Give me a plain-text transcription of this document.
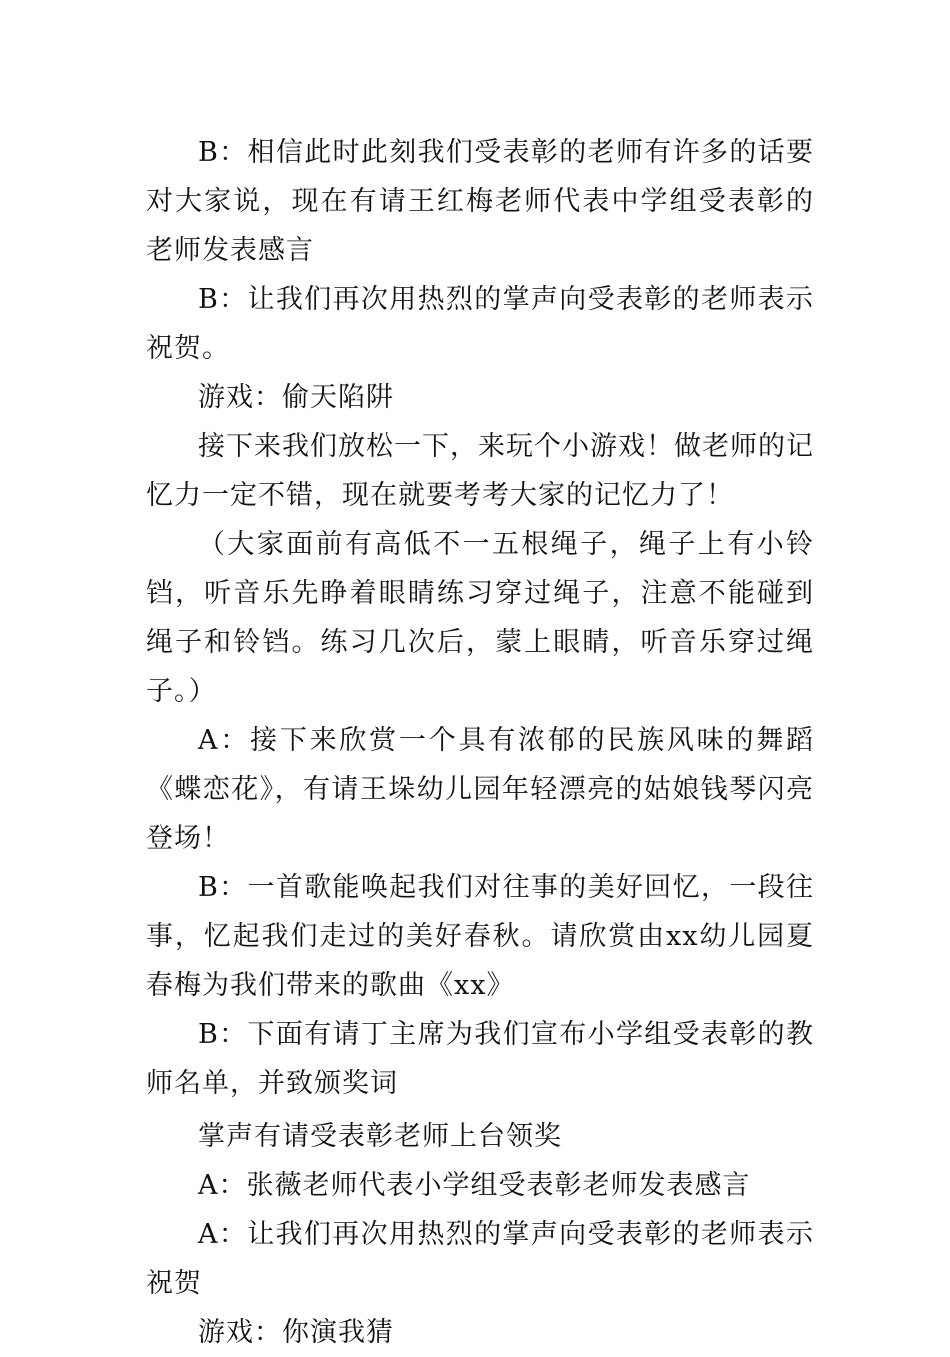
B：相信此时此刻我们受表彰的老师有许多的话要对大家说，现在有请王红梅老师代表中学组受表彰的老师发表感言

B：让我们再次用热烈的掌声向受表彰的老师表示祝贺。

游戏：偷天陷阱

接下来我们放松一下，来玩个小游戏！做老师的记忆力一定不错，现在就要考考大家的记忆力了！

（大家面前有高低不一五根绳子，绳子上有小铃铛，听音乐先睁着眼睛练习穿过绳子，注意不能碰到绳子和铃铛。练习几次后，蒙上眼睛，听音乐穿过绳子。）

A：接下来欣赏一个具有浓郁的民族风味的舞蹈《蝶恋花》，有请王垛幼儿园年轻漂亮的姑娘钱琴闪亮登场！

B：一首歌能唤起我们对往事的美好回忆，一段往事，忆起我们走过的美好春秋。请欣赏由xx幼儿园夏春梅为我们带来的歌曲《xx》

B：下面有请丁主席为我们宣布小学组受表彰的教师名单，并致颁奖词

掌声有请受表彰老师上台领奖

A：张薇老师代表小学组受表彰老师发表感言

A：让我们再次用热烈的掌声向受表彰的老师表示祝贺

游戏：你演我猜
